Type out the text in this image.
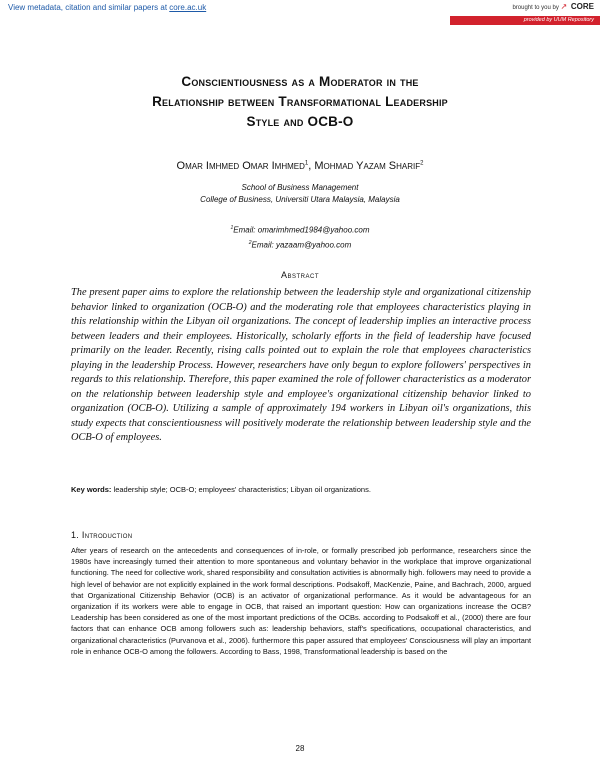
View metadata, citation and similar papers at core.ac.uk	brought to you by ↗ CORE
provided by UUM Repository
Conscientiousness as a Moderator in the
Relationship between Transformational Leadership
Style and OCB-O
Omar Imhmed Omar Imhmed$^1$, Mohmad Yazam Sharif$^2$
School of Business Management
College of Business, Universiti Utara Malaysia, Malaysia
$^1$Email: omarimhmed1984@yahoo.com
$^2$Email: yazaam@yahoo.com
Abstract
The present paper aims to explore the relationship between the leadership style and organizational citizenship behavior linked to organization (OCB-O) and the moderating role that employees characteristics playing in this relationship within the Libyan oil organizations. The concept of leadership implies an interactive process between leaders and their employees. Historically, scholarly efforts in the field of leadership have focused primarily on the leader. Recently, rising calls pointed out to explain the role that employees characteristics playing in the leadership Process. However, researchers have only begun to explore followers' perspectives in regards to this relationship. Therefore, this paper examined the role of follower characteristics as a moderator on the relationship between leadership style and employee's organizational citizenship behavior linked to organization (OCB-O). Utilizing a sample of approximately 194 workers in Libyan oil's organizations, this study expects that conscientiousness will positively moderate the relationship between leadership style and the OCB-O of employees.
Key words: leadership style; OCB-O; employees' characteristics; Libyan oil organizations.
1. Introduction
After years of research on the antecedents and consequences of in-role, or formally prescribed job performance, researchers since the 1980s have increasingly turned their attention to more spontaneous and voluntary behavior in the workplace that improve organizational functioning. The need for collective work, shared responsibility and consultation activities is abnormally high. followers may need to provide a high level of behavior are not explicitly explained in the work formal descriptions. Podsakoff, MacKenzie, Paine, and Bachrach, 2000, argued that Organizational Citizenship Behavior (OCB) is an activator of organizational performance. As it would be advantageous for an organization if its workers were able to engage in OCB, that raised an important question: How can organizations increase the OCB? Leadership has been considered as one of the most important predictions of the OCBs. according to Podsakoff et al., (2000) there are four factors that can enhance OCB among followers such as: leadership behaviors, staff's specifications, occupational characteristics, and organizational characteristics (Purvanova et al., 2006). furthermore this paper assured that employees' Consciousness will play an important role in enhance OCB-O among the followers. According to Bass, 1998, Transformational leadership is based on the
28
